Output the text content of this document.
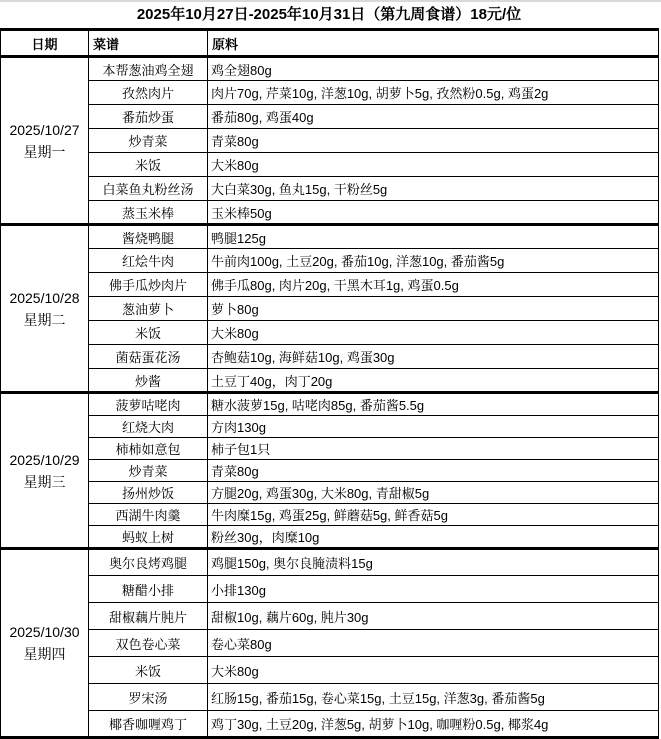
2025年10月27日-2025年10月31日（第九周食谱）18元/位
日期	菜谱	原料

2025/10/27
星期一	本帮葱油鸡全翅	鸡全翅80g
	孜然肉片	肉片70g, 芹菜10g, 洋葱10g, 胡萝卜5g, 孜然粉0.5g, 鸡蛋2g
	番茄炒蛋	番茄80g, 鸡蛋40g
	炒青菜	青菜80g
	米饭	大米80g
	白菜鱼丸粉丝汤	大白菜30g, 鱼丸15g, 干粉丝5g
	蒸玉米棒	玉米棒50g

2025/10/28
星期二	酱烧鸭腿	鸭腿125g
	红烩牛肉	牛前肉100g, 土豆20g, 番茄10g, 洋葱10g, 番茄酱5g
	佛手瓜炒肉片	佛手瓜80g, 肉片20g, 干黑木耳1g, 鸡蛋0.5g
	葱油萝卜	萝卜80g
	米饭	大米80g
	菌菇蛋花汤	杏鲍菇10g, 海鲜菇10g, 鸡蛋30g
	炒酱	土豆丁40g，肉丁20g

2025/10/29
星期三	菠萝咕咾肉	糖水菠萝15g, 咕咾肉85g, 番茄酱5.5g
	红烧大肉	方肉130g
	柿柿如意包	柿子包1只
	炒青菜	青菜80g
	扬州炒饭	方腿20g, 鸡蛋30g, 大米80g, 青甜椒5g
	西湖牛肉羹	牛肉糜15g, 鸡蛋25g, 鲜蘑菇5g, 鲜香菇5g
	蚂蚁上树	粉丝30g，肉糜10g

2025/10/30
星期四	奥尔良烤鸡腿	鸡腿150g, 奥尔良腌渍料15g
	糖醋小排	小排130g
	甜椒藕片肫片	甜椒10g, 藕片60g, 肫片30g
	双色卷心菜	卷心菜80g
	米饭	大米80g
	罗宋汤	红肠15g, 番茄15g, 卷心菜15g, 土豆15g, 洋葱3g, 番茄酱5g
	椰香咖喱鸡丁	鸡丁30g, 土豆20g, 洋葱5g, 胡萝卜10g, 咖喱粉0.5g, 椰浆4g
